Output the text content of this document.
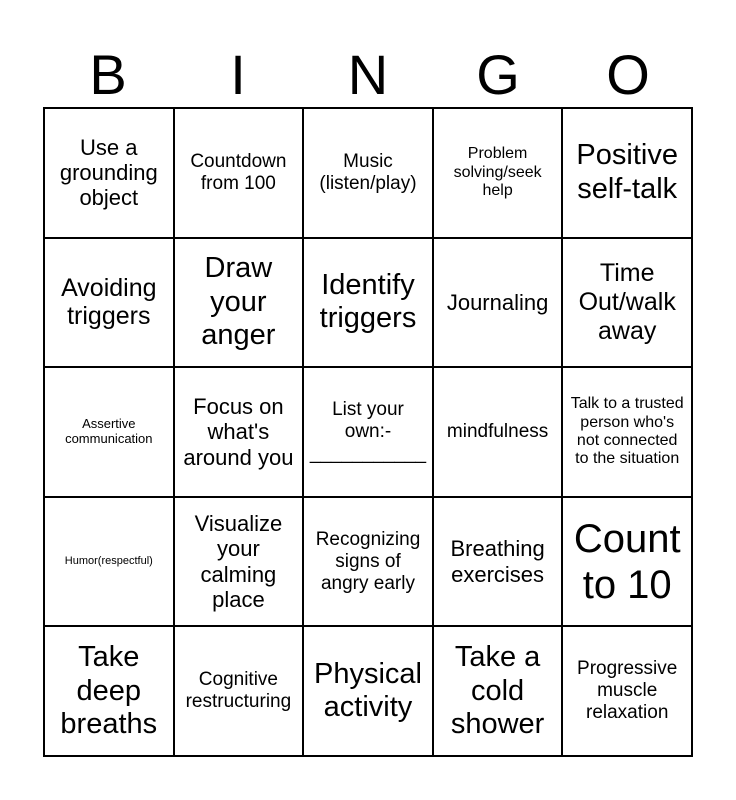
B	I	N	G	O
Use a grounding object
Countdown from 100
Music (listen/play)
Problem solving/seek help
Positive self-talk
Avoiding triggers
Draw your anger
Identify triggers
Journaling
Time Out/walk away
Assertive communication
Focus on what's around you
List your own:- ___________
mindfulness
Talk to a trusted person who's not connected to the situation
Humor(respectful)
Visualize your calming place
Recognizing signs of angry early
Breathing exercises
Count to 10
Take deep breaths
Cognitive restructuring
Physical activity
Take a cold shower
Progressive muscle relaxation
